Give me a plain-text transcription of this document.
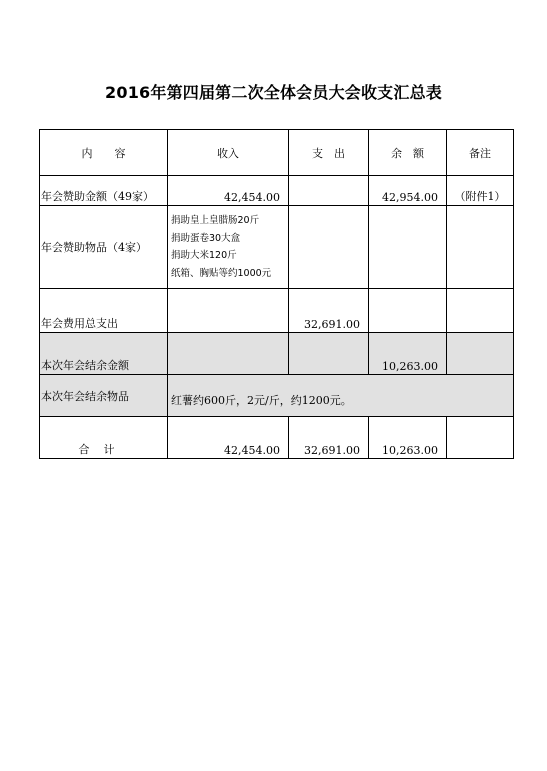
2016年第四届第二次全体会员大会收支汇总表
内　　容	收入	支　出	余　额	备注
年会赞助金额（49家）	42,454.00		42,954.00	（附件1）
年会赞助物品（4家）	捐助皇上皇腊肠20斤
捐助蛋卷30大盒
捐助大米120斤
纸箱、胸贴等约1000元			

年会费用总支出		32,691.00		
本次年会结余金额			10,263.00	
本次年会结余物品	红薯约600斤，2元/斤，约1200元。			
合计	42,454.00	32,691.00	10,263.00	
